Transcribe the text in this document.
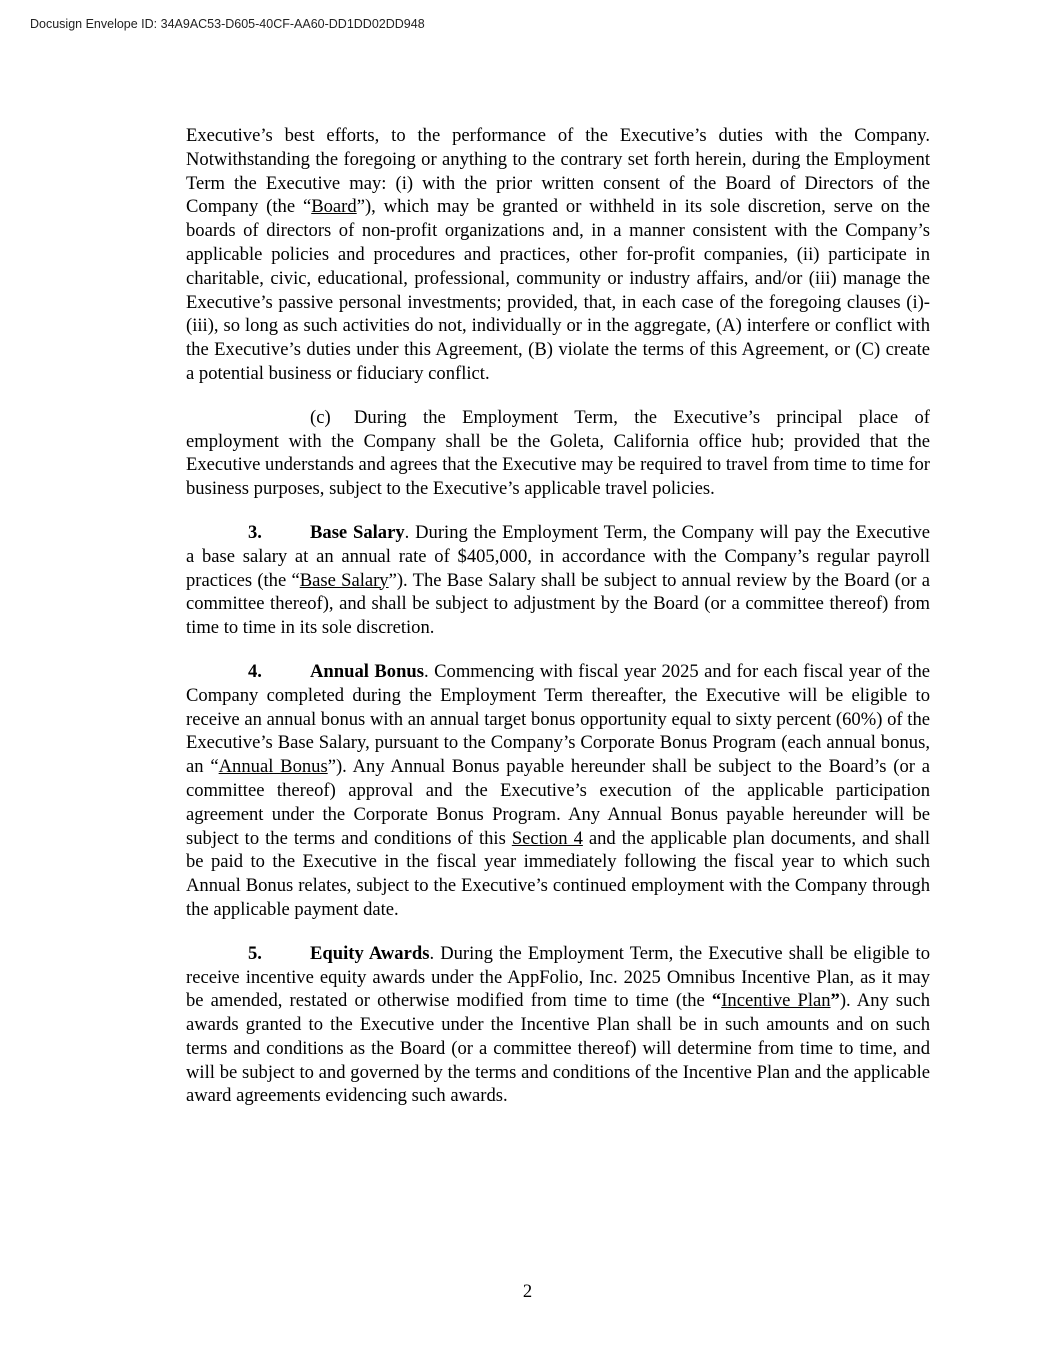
Docusign Envelope ID: 34A9AC53-D605-40CF-AA60-DD1DD02DD948

Executive’s best efforts, to the performance of the Executive’s duties with the Company. Notwithstanding the foregoing or anything to the contrary set forth herein, during the Employment Term the Executive may: (i) with the prior written consent of the Board of Directors of the Company (the “Board”), which may be granted or withheld in its sole discretion, serve on the boards of directors of non-profit organizations and, in a manner consistent with the Company’s applicable policies and procedures and practices, other for-profit companies, (ii) participate in charitable, civic, educational, professional, community or industry affairs, and/or (iii) manage the Executive’s passive personal investments; provided, that, in each case of the foregoing clauses (i)-(iii), so long as such activities do not, individually or in the aggregate, (A) interfere or conflict with the Executive’s duties under this Agreement, (B) violate the terms of this Agreement, or (C) create a potential business or fiduciary conflict.

(c) During the Employment Term, the Executive’s principal place of employment with the Company shall be the Goleta, California office hub; provided that the Executive understands and agrees that the Executive may be required to travel from time to time for business purposes, subject to the Executive’s applicable travel policies.

3.	Base Salary. During the Employment Term, the Company will pay the Executive a base salary at an annual rate of $405,000, in accordance with the Company’s regular payroll practices (the “Base Salary”). The Base Salary shall be subject to annual review by the Board (or a committee thereof), and shall be subject to adjustment by the Board (or a committee thereof) from time to time in its sole discretion.

4.	Annual Bonus. Commencing with fiscal year 2025 and for each fiscal year of the Company completed during the Employment Term thereafter, the Executive will be eligible to receive an annual bonus with an annual target bonus opportunity equal to sixty percent (60%) of the Executive’s Base Salary, pursuant to the Company’s Corporate Bonus Program (each annual bonus, an “Annual Bonus”). Any Annual Bonus payable hereunder shall be subject to the Board’s (or a committee thereof) approval and the Executive’s execution of the applicable participation agreement under the Corporate Bonus Program. Any Annual Bonus payable hereunder will be subject to the terms and conditions of this Section 4 and the applicable plan documents, and shall be paid to the Executive in the fiscal year immediately following the fiscal year to which such Annual Bonus relates, subject to the Executive’s continued employment with the Company through the applicable payment date.

5.	Equity Awards. During the Employment Term, the Executive shall be eligible to receive incentive equity awards under the AppFolio, Inc. 2025 Omnibus Incentive Plan, as it may be amended, restated or otherwise modified from time to time (the “Incentive Plan”). Any such awards granted to the Executive under the Incentive Plan shall be in such amounts and on such terms and conditions as the Board (or a committee thereof) will determine from time to time, and will be subject to and governed by the terms and conditions of the Incentive Plan and the applicable award agreements evidencing such awards.

2
